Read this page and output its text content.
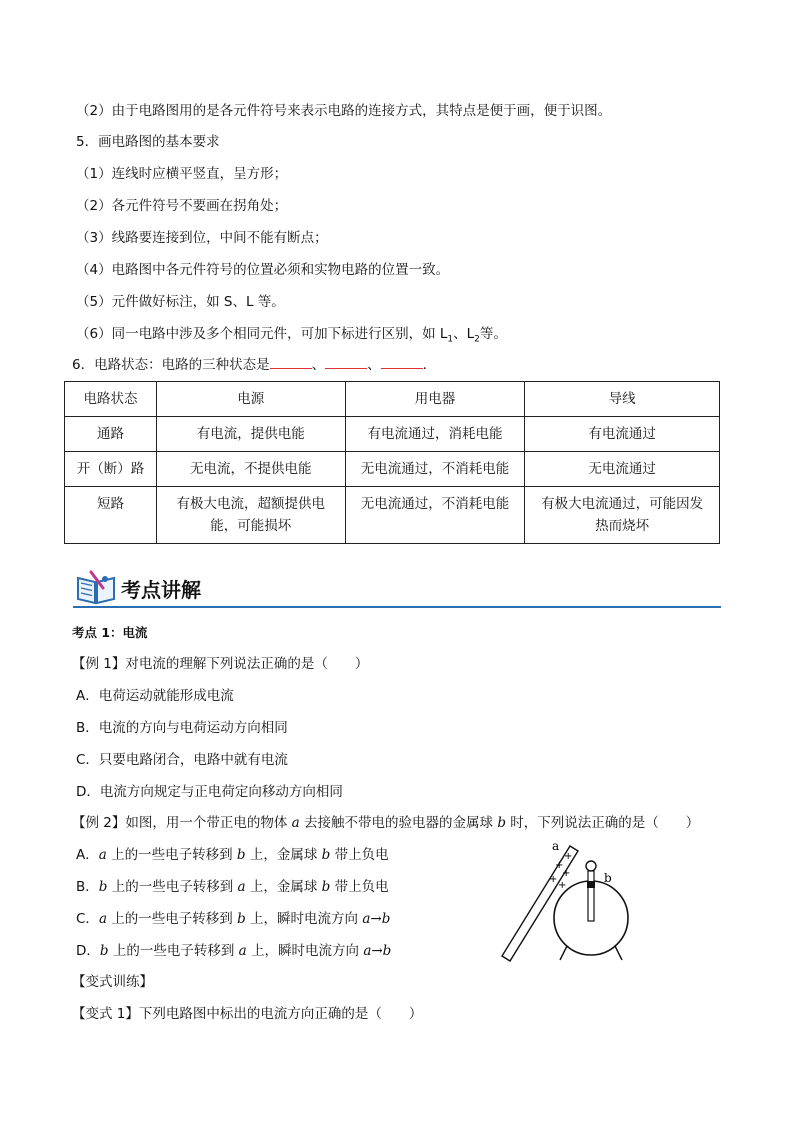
（2）由于电路图用的是各元件符号来表示电路的连接方式，其特点是便于画，便于识图。
5．画电路图的基本要求
（1）连线时应横平竖直，呈方形；
（2）各元件符号不要画在拐角处；
（3）线路要连接到位，中间不能有断点；
（4）电路图中各元件符号的位置必须和实物电路的位置一致。
（5）元件做好标注，如 S、L 等。
（6）同一电路中涉及多个相同元件，可加下标进行区别，如 $L_1$、$L_2$等。
6．电路状态：电路的三种状态是	、	、	.
电路状态	电源	用电器	导线
通路	有电流，提供电能	有电流通过，消耗电能	有电流通过
开（断）路	无电流，不提供电能	无电流通过，不消耗电能	无电流通过
短路	有极大电流，超额提供电能，可能损坏	无电流通过，不消耗电能	有极大电流通过，可能因发热而烧坏
考点讲解
考点 1：电流
【例 1】对电流的理解下列说法正确的是（　　）
A．电荷运动就能形成电流
B．电流的方向与电荷运动方向相同
C．只要电路闭合，电路中就有电流
D．电流方向规定与正电荷定向移动方向相同
【例 2】如图，用一个带正电的物体 a 去接触不带电的验电器的金属球 b 时，下列说法正确的是（　　）
A．a 上的一些电子转移到 b 上，金属球 b 带上负电
B．b 上的一些电子转移到 a 上，金属球 b 带上负电
C．a 上的一些电子转移到 b 上，瞬时电流方向 a→b
D．b 上的一些电子转移到 a 上，瞬时电流方向 a→b
【变式训练】
【变式 1】下列电路图中标出的电流方向正确的是（　　）
a
b
+
+
+
+
+
